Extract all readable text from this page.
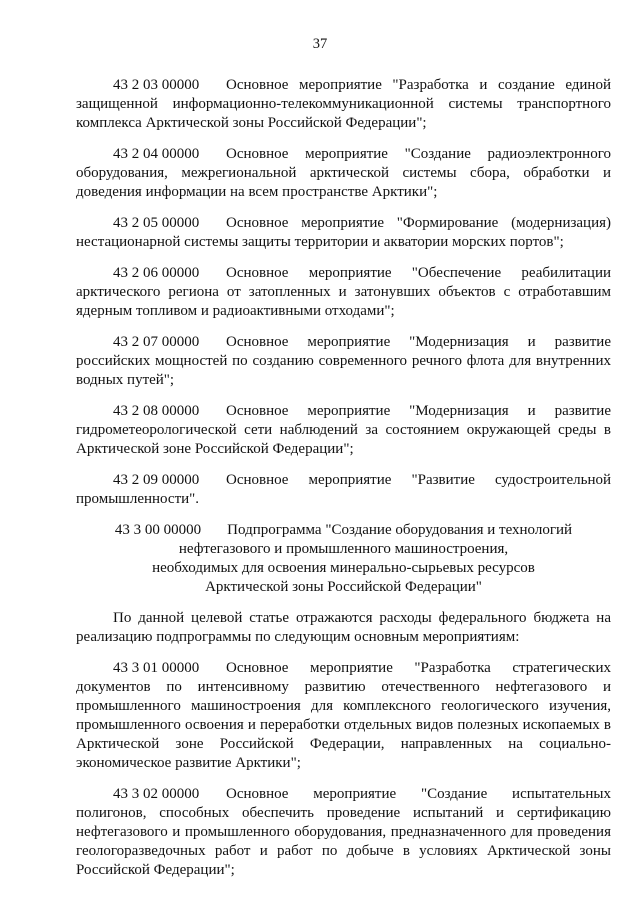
37

43 2 03 00000 Основное мероприятие "Разработка и создание единой защищенной информационно-телекоммуникационной системы транспортного комплекса Арктической зоны Российской Федерации";

43 2 04 00000 Основное мероприятие "Создание радиоэлектронного оборудования, межрегиональной арктической системы сбора, обработки и доведения информации на всем пространстве Арктики";

43 2 05 00000 Основное мероприятие "Формирование (модернизация) нестационарной системы защиты территории и акватории морских портов";

43 2 06 00000 Основное мероприятие "Обеспечение реабилитации арктического региона от затопленных и затонувших объектов с отработавшим ядерным топливом и радиоактивными отходами";

43 2 07 00000 Основное мероприятие "Модернизация и развитие российских мощностей по созданию современного речного флота для внутренних водных путей";

43 2 08 00000 Основное мероприятие "Модернизация и развитие гидрометеорологической сети наблюдений за состоянием окружающей среды в Арктической зоне Российской Федерации";

43 2 09 00000 Основное мероприятие "Развитие судостроительной промышленности".

43 3 00 00000 Подпрограмма "Создание оборудования и технологий
нефтегазового и промышленного машиностроения,
необходимых для освоения минерально-сырьевых ресурсов
Арктической зоны Российской Федерации"

По данной целевой статье отражаются расходы федерального бюджета на реализацию подпрограммы по следующим основным мероприятиям:

43 3 01 00000 Основное мероприятие "Разработка стратегических документов по интенсивному развитию отечественного нефтегазового и промышленного машиностроения для комплексного геологического изучения, промышленного освоения и переработки отдельных видов полезных ископаемых в Арктической зоне Российской Федерации, направленных на социально-экономическое развитие Арктики";

43 3 02 00000 Основное мероприятие "Создание испытательных полигонов, способных обеспечить проведение испытаний и сертификацию нефтегазового и промышленного оборудования, предназначенного для проведения геологоразведочных работ и работ по добыче в условиях Арктической зоны Российской Федерации";
